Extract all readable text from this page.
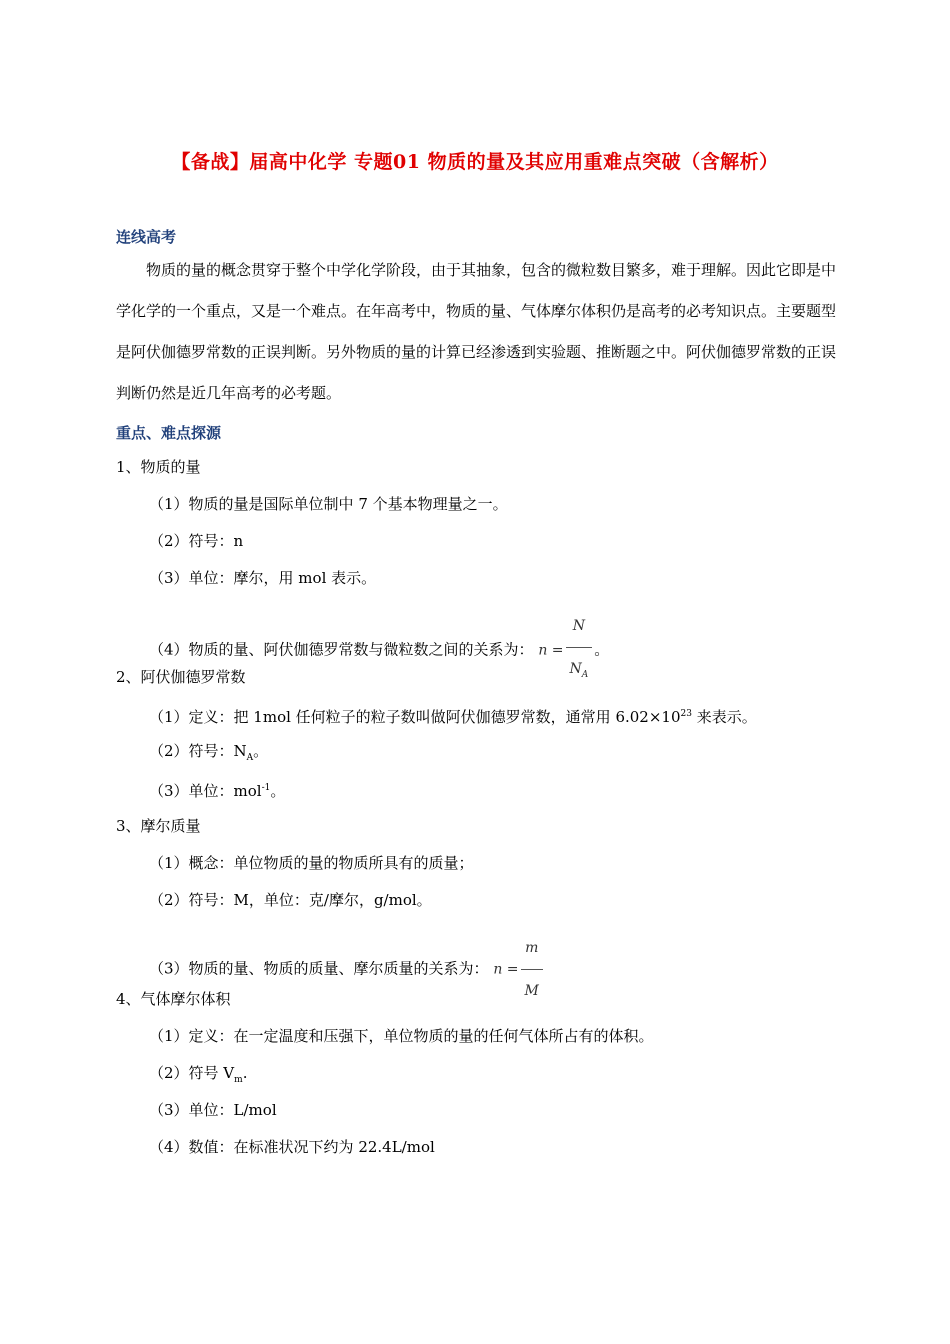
【备战】届高中化学 专题01 物质的量及其应用重难点突破（含解析）
连线高考
物质的量的概念贯穿于整个中学化学阶段，由于其抽象，包含的微粒数目繁多，难于理解。因此它即是中学化学的一个重点，又是一个难点。在年高考中，物质的量、气体摩尔体积仍是高考的必考知识点。主要题型是阿伏伽德罗常数的正误判断。另外物质的量的计算已经渗透到实验题、推断题之中。阿伏伽德罗常数的正误判断仍然是近几年高考的必考题。
重点、难点探源
1、物质的量
（1）物质的量是国际单位制中 7 个基本物理量之一。
（2）符号：n
（3）单位：摩尔，用 mol 表示。
（4）物质的量、阿伏伽德罗常数与微粒数之间的关系为： $n = \frac{N}{N_A}$ 。
2、阿伏伽德罗常数
（1）定义：把 1mol 任何粒子的粒子数叫做阿伏伽德罗常数，通常用 $6.02\times 10^{23}$ 来表示。
（2）符号：$N_A$。
（3）单位：mol$^{-1}$。
3、摩尔质量
（1）概念：单位物质的量的物质所具有的质量；
（2）符号：M，单位：克/摩尔，g/mol。
（3）物质的量、物质的质量、摩尔质量的关系为： $n = \frac{m}{M}$
4、气体摩尔体积
（1）定义：在一定温度和压强下，单位物质的量的任何气体所占有的体积。
（2）符号 $V_m$.
（3）单位：L/mol
（4）数值：在标准状况下约为 22.4L/mol
